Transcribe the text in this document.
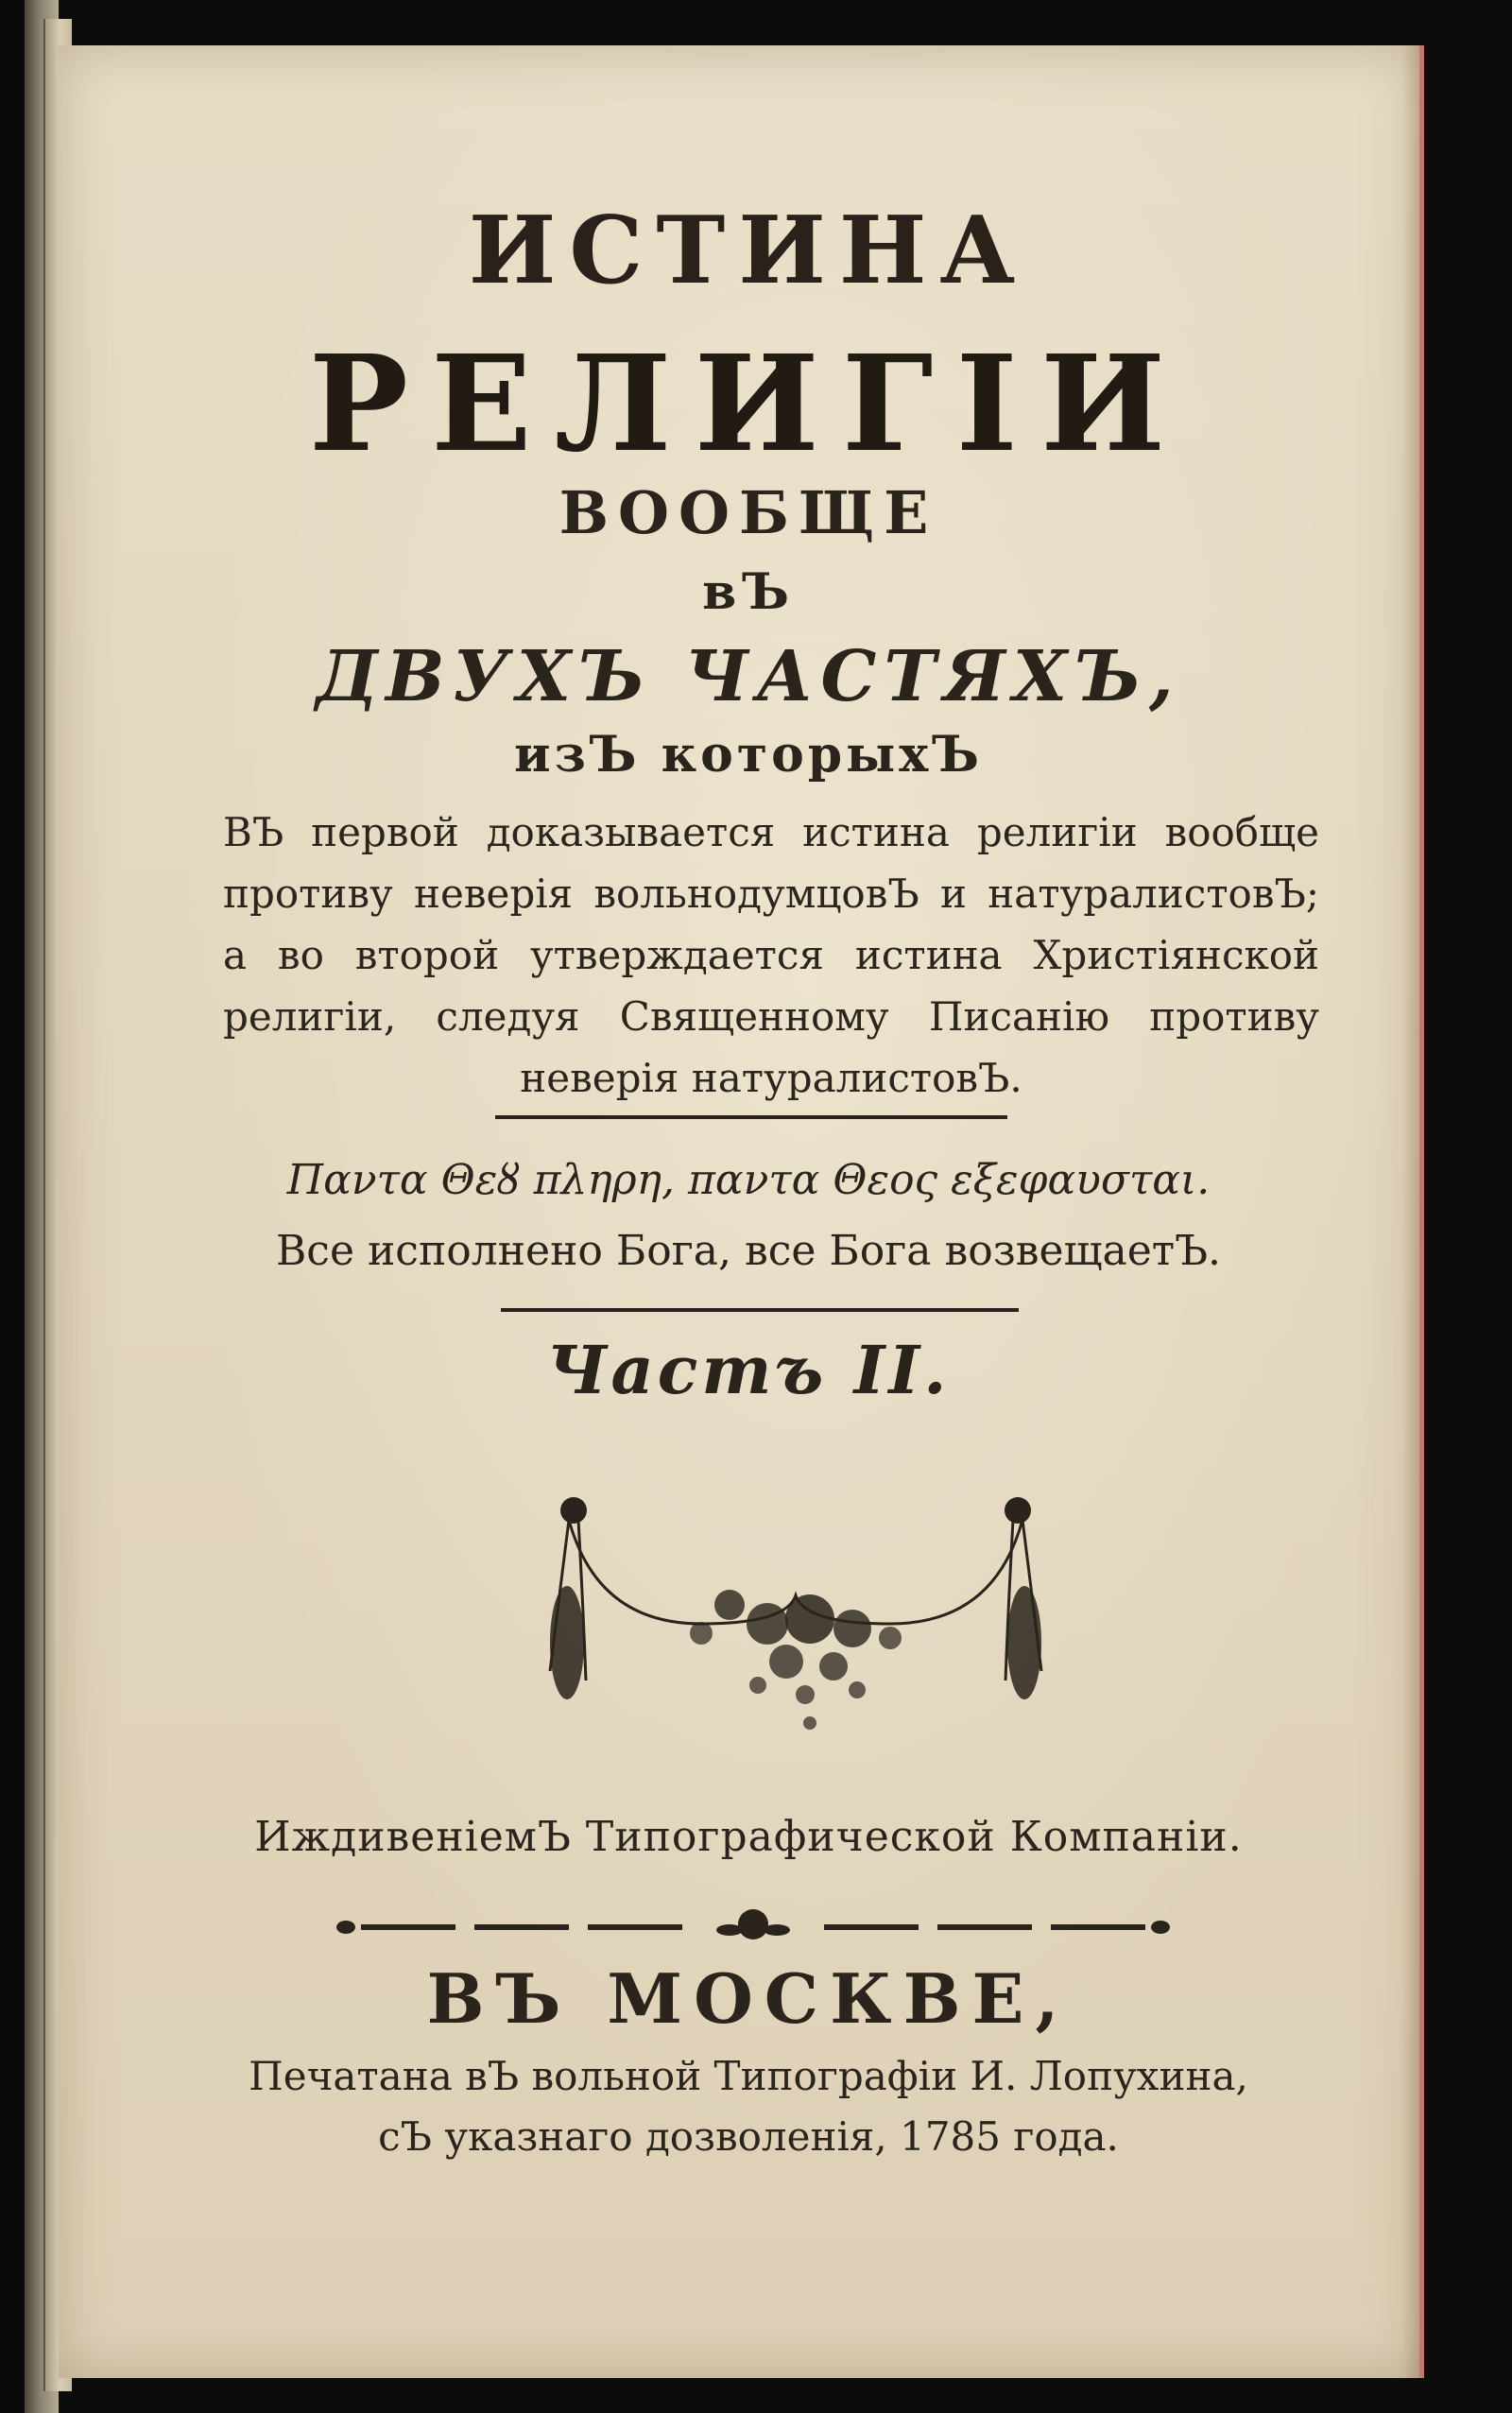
ИСТИНА
РЕЛИГIИ
ВООБЩЕ
вЪ
ДВУХЪ ЧАСТЯХЪ,
изЪ которыхЪ
ВЪ первой доказывается истина религiи вообще противу неверiя вольнодумцовЪ и натуралистовЪ; а во второй утверждается истина Христiянской религiи, следуя Священному Писанiю противу неверiя натуралистовЪ.
Παντα Θεȣ πληρη, παντα Θεος εξεφαυσται.
Все исполнено Бога, все Бога возвещаетЪ.
Частъ II.
ИждивенiемЪ Типографической Компанiи.
ВЪ МОСКВЕ,
Печатана вЪ вольной Типографiи И. Лопухина,
сЪ указнаго дозволенiя, 1785 года.
